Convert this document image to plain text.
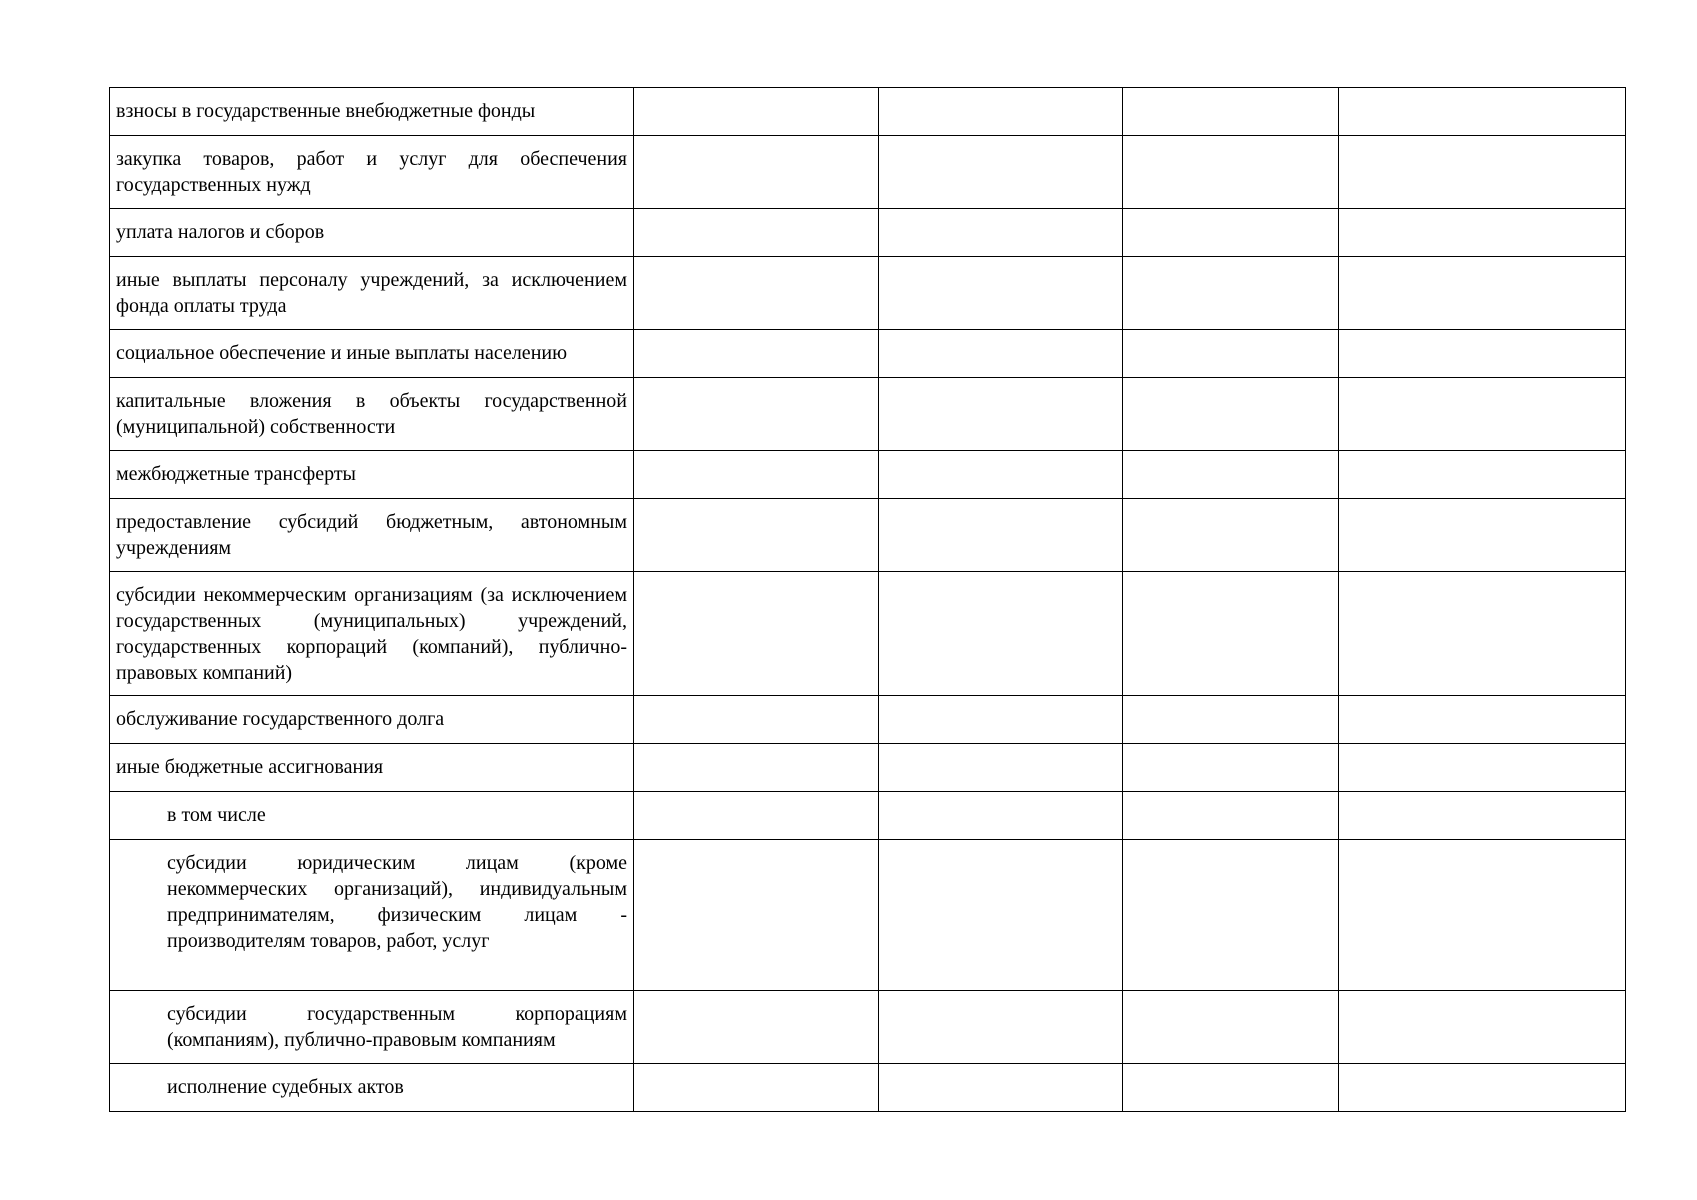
взносы в государственные внебюджетные фонды				
закупка товаров, работ и услуг для обеспечения государственных нужд				
уплата налогов и сборов				
иные выплаты персоналу учреждений, за исключением фонда оплаты труда				
социальное обеспечение и иные выплаты населению				
капитальные вложения в объекты государственной (муниципальной) собственности				
межбюджетные трансферты				
предоставление субсидий бюджетным, автономным учреждениям				
субсидии некоммерческим организациям (за исключением государственных (муниципальных) учреждений, государственных корпораций (компаний), публично-правовых компаний)				
обслуживание государственного долга				
иные бюджетные ассигнования				
в том числе				
субсидии юридическим лицам (кроме некоммерческих организаций), индивидуальным предпринимателям, физическим лицам - производителям товаров, работ, услуг				
субсидии государственным корпорациям (компаниям), публично-правовым компаниям				
исполнение судебных актов				
